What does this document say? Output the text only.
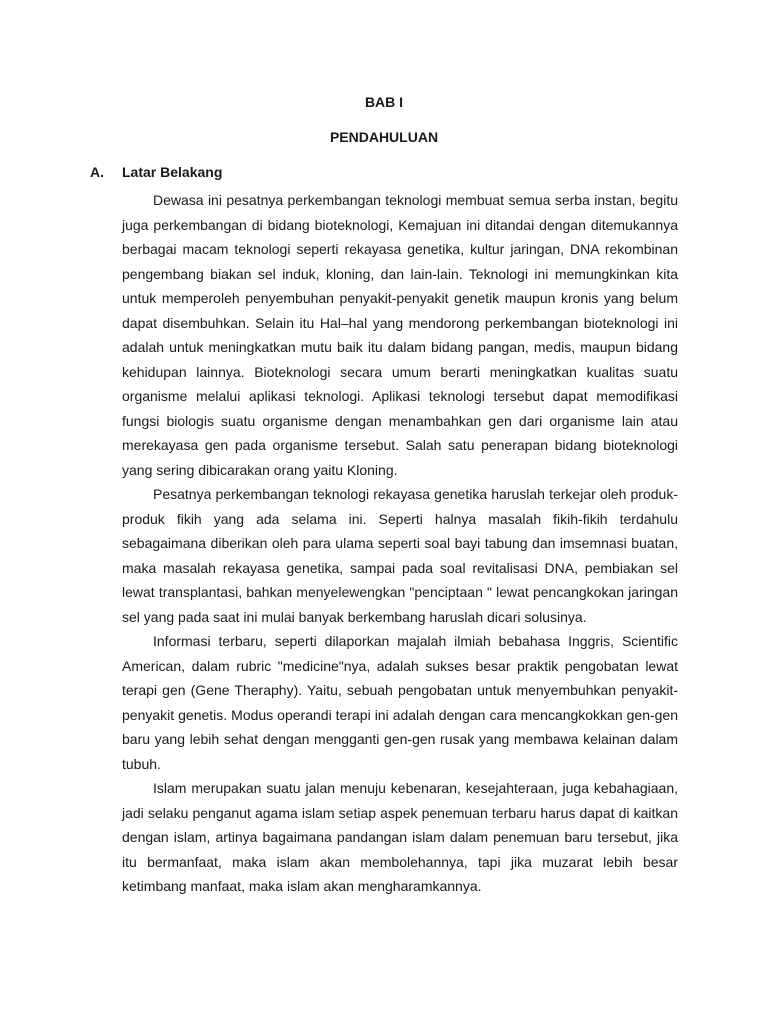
BAB I
PENDAHULUAN
A. Latar Belakang

Dewasa ini pesatnya perkembangan teknologi membuat semua serba instan, begitu juga perkembangan di bidang bioteknologi, Kemajuan ini ditandai dengan ditemukannya berbagai macam teknologi seperti rekayasa genetika, kultur jaringan, DNA rekombinan pengembang biakan sel induk, kloning, dan lain-lain. Teknologi ini memungkinkan kita untuk memperoleh penyembuhan penyakit-penyakit genetik maupun kronis yang belum dapat disembuhkan. Selain itu Hal–hal yang mendorong perkembangan bioteknologi ini adalah untuk meningkatkan mutu baik itu dalam bidang pangan, medis, maupun bidang kehidupan lainnya. Bioteknologi secara umum berarti meningkatkan kualitas suatu organisme melalui aplikasi teknologi. Aplikasi teknologi tersebut dapat memodifikasi fungsi biologis suatu organisme dengan menambahkan gen dari organisme lain atau merekayasa gen pada organisme tersebut. Salah satu penerapan bidang bioteknologi yang sering dibicarakan orang yaitu Kloning.

Pesatnya perkembangan teknologi rekayasa genetika haruslah terkejar oleh produk-produk fikih yang ada selama ini. Seperti halnya masalah fikih-fikih terdahulu sebagaimana diberikan oleh para ulama seperti soal bayi tabung dan imsemnasi buatan, maka masalah rekayasa genetika, sampai pada soal revitalisasi DNA, pembiakan sel lewat transplantasi, bahkan menyelewengkan "penciptaan " lewat pencangkokan jaringan sel yang pada saat ini mulai banyak berkembang haruslah dicari solusinya.

Informasi terbaru, seperti dilaporkan majalah ilmiah bebahasa Inggris, Scientific American, dalam rubric "medicine"nya, adalah sukses besar praktik pengobatan lewat terapi gen (Gene Theraphy). Yaitu, sebuah pengobatan untuk menyembuhkan penyakit-penyakit genetis. Modus operandi terapi ini adalah dengan cara mencangkokkan gen-gen baru yang lebih sehat dengan mengganti gen-gen rusak yang membawa kelainan dalam tubuh.

Islam merupakan suatu jalan menuju kebenaran, kesejahteraan, juga kebahagiaan, jadi selaku penganut agama islam setiap aspek penemuan terbaru harus dapat di kaitkan dengan islam, artinya bagaimana pandangan islam dalam penemuan baru tersebut, jika itu bermanfaat, maka islam akan membolehannya, tapi jika muzarat lebih besar ketimbang manfaat, maka islam akan mengharamkannya.
